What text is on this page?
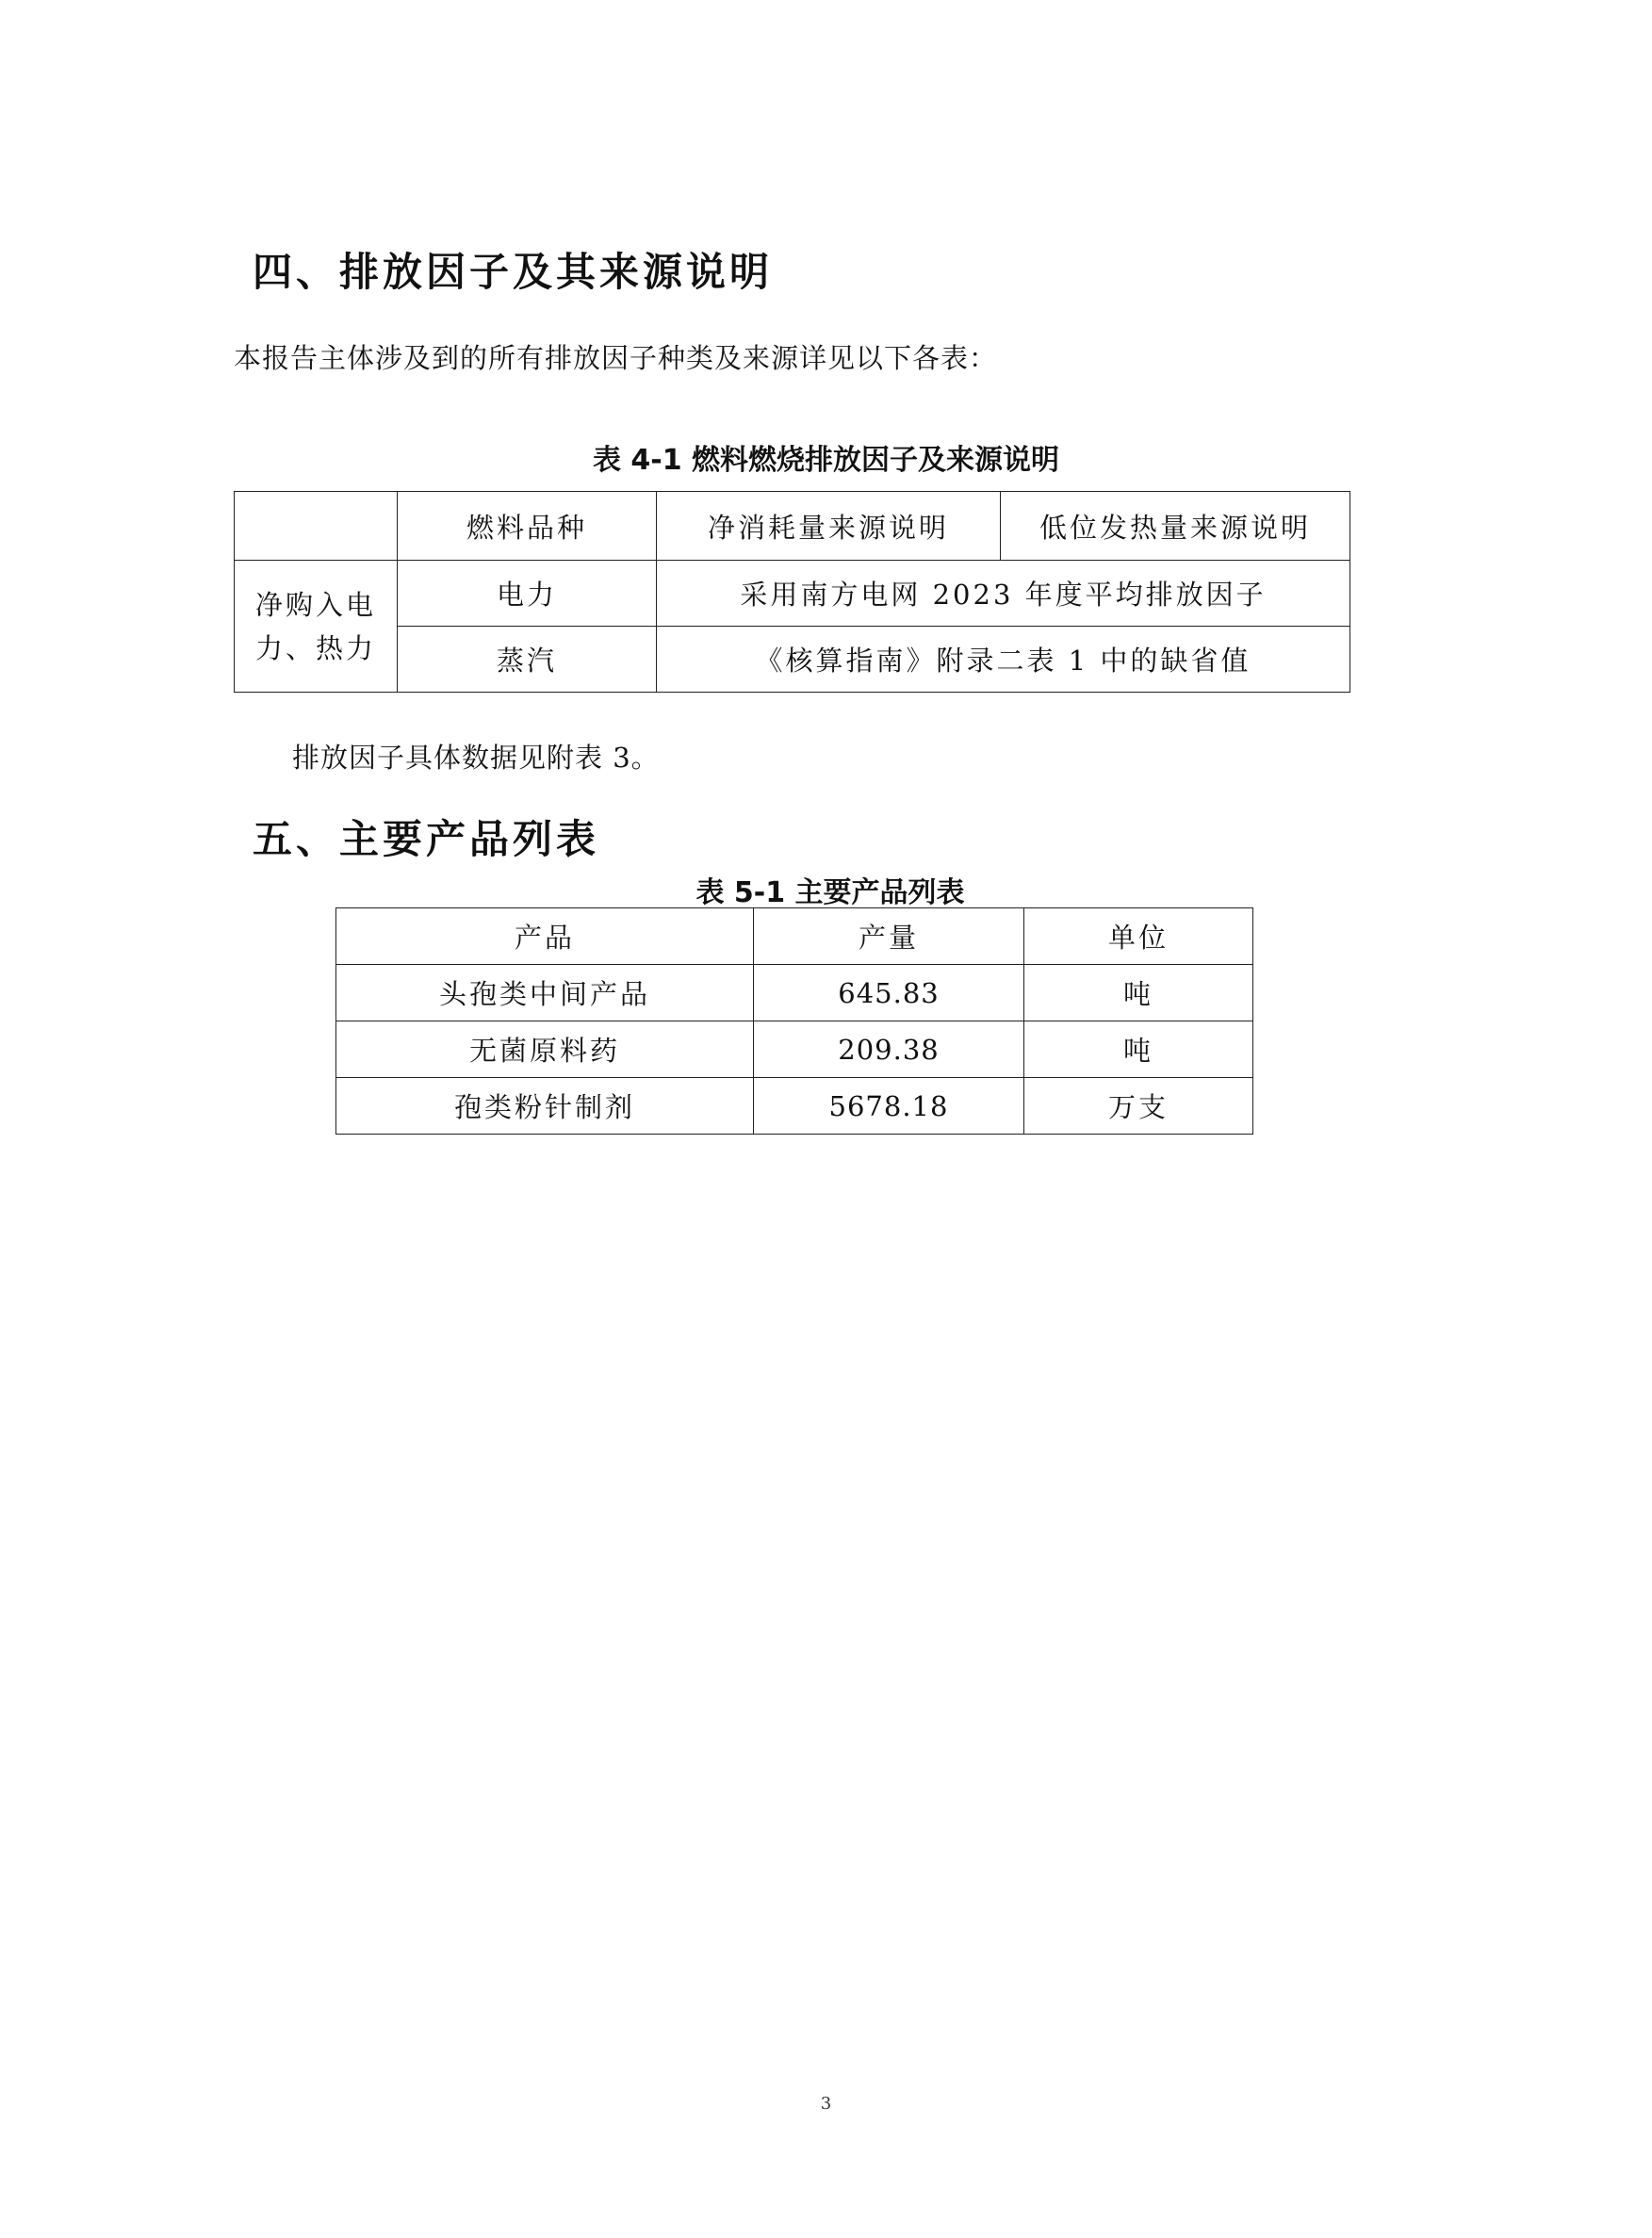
四、排放因子及其来源说明
本报告主体涉及到的所有排放因子种类及来源详见以下各表：
表 4-1 燃料燃烧排放因子及来源说明
	燃料品种	净消耗量来源说明	低位发热量来源说明

净购入电
力、热力	电力	采用南方电网 2023 年度平均排放因子	
	蒸汽	《核算指南》附录二表 1 中的缺省值	
排放因子具体数据见附表 3。
五、主要产品列表
表 5-1 主要产品列表
产品	产量	单位
头孢类中间产品	645.83	吨
无菌原料药	209.38	吨
孢类粉针制剂	5678.18	万支
3
